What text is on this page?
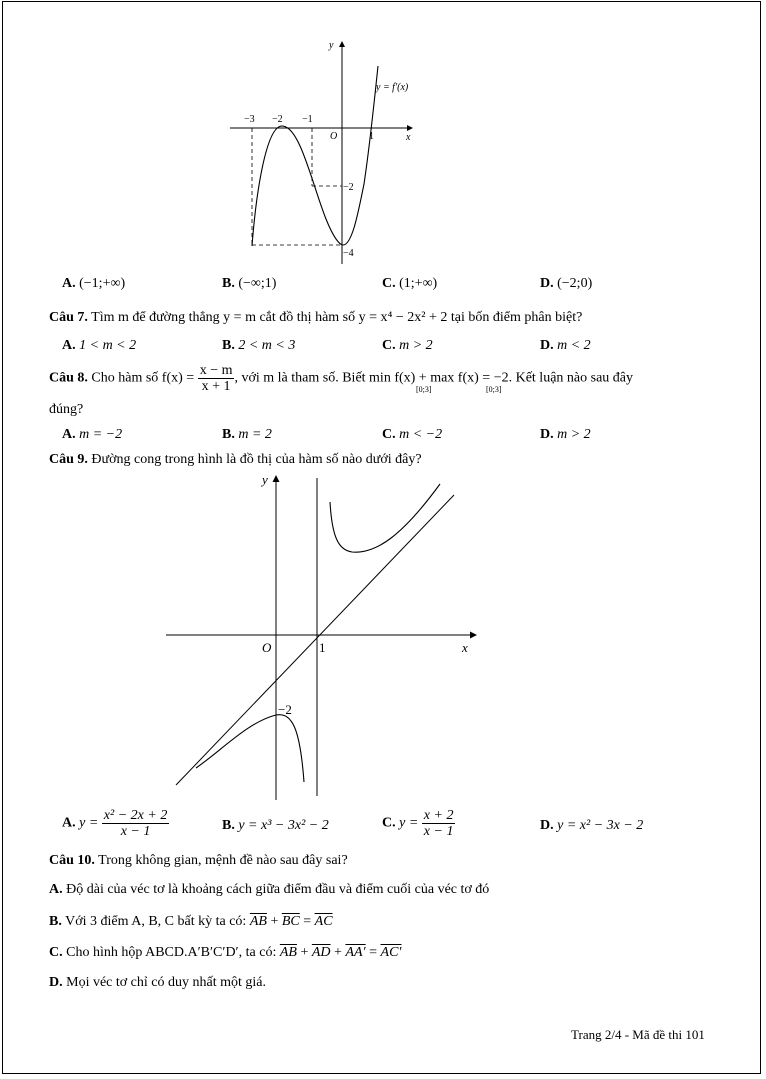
y
x
y = f′(x)
O
−3 −2 −1
1
−2
−4
A. (−1;+∞)	B. (−∞;1)	C. (1;+∞)	D. (−2;0)
Câu 7. Tìm m để đường thẳng y = m cắt đồ thị hàm số y = x⁴ − 2x² + 2 tại bốn điểm phân biệt?
A. 1 < m < 2	B. 2 < m < 3	C. m > 2	D. m < 2
Câu 8. Cho hàm số $f(x) = \frac{x - m}{x + 1}$ , với m là tham số. Biết min f(x) + max f(x) = −2. Kết luận nào sau đây
[0;3]	[0;3]
đúng?
A. m = −2	B. m = 2	C. m < −2	D. m > 2
Câu 9. Đường cong trong hình là đồ thị của hàm số nào dưới đây?
y
x
O	1
−2
A. $y = \frac{\text{x² − 2x + 2}}{x - 1}$	B. y = x³ − 3x² − 2	C. $y = \frac{x + 2}{x - 1}$	D. y = x² − 3x − 2
Câu 10. Trong không gian, mệnh đề nào sau đây sai?
A. Độ dài của véc tơ là khoảng cách giữa điểm đầu và điểm cuối của véc tơ đó
B. Với 3 điểm A, B, C bất kỳ ta có: $\overline{AB} + \overline{BC} = \overline{AC}$
C. Cho hình hộp ABCD.A′B′C′D′, ta có: $\overline{AB} + \overline{AD} + AA' = AC'$
D. Mọi véc tơ chỉ có duy nhất một giá.
Trang 2/4 - Mã đề thi 101
